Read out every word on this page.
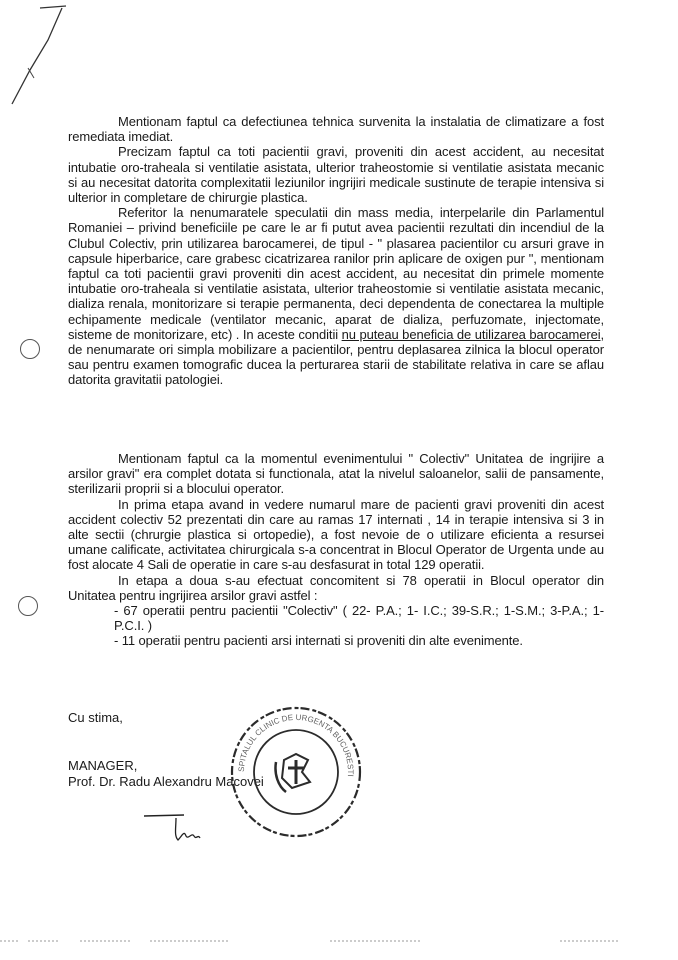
Mentionam faptul ca defectiunea tehnica survenita la instalatia de climatizare a fost remediata imediat.

Precizam faptul ca toti pacientii gravi, proveniti din acest accident, au necesitat intubatie oro-traheala si ventilatie asistata, ulterior traheostomie si ventilatie asistata mecanic si au necesitat datorita complexitatii leziunilor ingrijiri medicale sustinute de terapie intensiva si ulterior in completare de chirurgie plastica.

Referitor la nenumaratele speculatii din mass media, interpelarile din Parlamentul Romaniei – privind beneficiile pe care le ar fi putut avea pacientii rezultati din incendiul de la Clubul Colectiv, prin utilizarea barocamerei, de tipul - " plasarea pacientilor cu arsuri grave in capsule hiperbarice, care grabesc cicatrizarea ranilor prin aplicare de oxigen pur ", mentionam faptul ca toti pacientii gravi proveniti din acest accident, au necesitat din primele momente intubatie oro-traheala si ventilatie asistata, ulterior traheostomie si ventilatie asistata mecanic, dializa renala, monitorizare si terapie permanenta, deci dependenta de conectarea la multiple echipamente medicale (ventilator mecanic, aparat de dializa, perfuzomate, injectomate, sisteme de monitorizare, etc) . In aceste conditii nu puteau beneficia de utilizarea barocamerei, de nenumarate ori simpla mobilizare a pacientilor, pentru deplasarea zilnica la blocul operator sau pentru examen tomografic ducea la perturarea starii de stabilitate relativa in care se aflau datorita gravitatii patologiei.

Mentionam faptul ca la momentul evenimentului " Colectiv" Unitatea de ingrijire a arsilor gravi" era complet dotata si functionala, atat la nivelul saloanelor, salii de pansamente, sterilizarii proprii si a blocului operator.

In prima etapa avand in vedere numarul mare de pacienti gravi proveniti din acest accident colectiv 52 prezentati din care au ramas 17 internati , 14 in terapie intensiva si 3 in alte sectii (chrurgie plastica si ortopedie), a fost nevoie de o utilizare eficienta a resursei umane calificate, activitatea chirurgicala s-a concentrat in Blocul Operator de Urgenta unde au fost alocate 4 Sali de operatie in care s-au desfasurat in total 129 operatii.

In etapa a doua s-au efectuat concomitent si 78 operatii in Blocul operator din Unitatea pentru ingrijirea arsilor gravi astfel :

- 67 operatii pentru pacientii "Colectiv" ( 22- P.A.; 1- I.C.; 39-S.R.; 1-S.M.; 3-P.A.; 1-P.C.I. )

- 11 operatii pentru pacienti arsi internati si proveniti din alte evenimente.

Cu stima,
MANAGER,
Prof. Dr. Radu Alexandru Macovei
SPITALUL CLINIC DE URGENTA BUCURESTI
